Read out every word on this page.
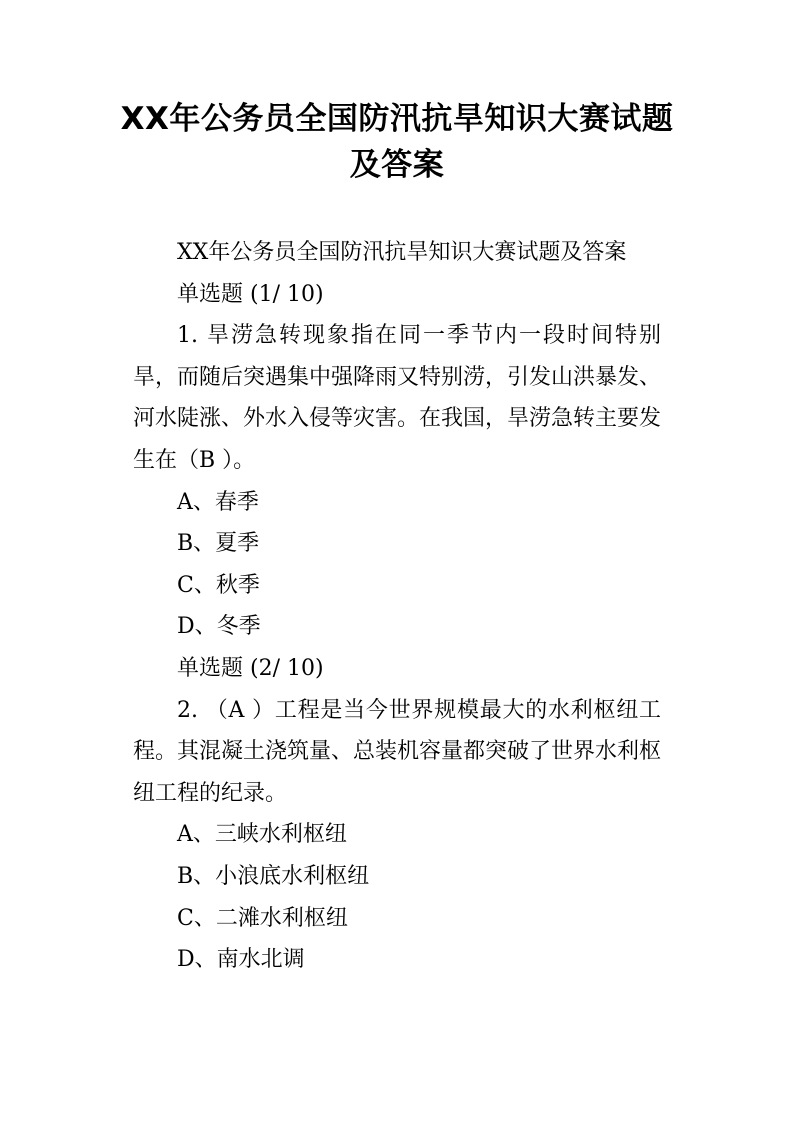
XX年公务员全国防汛抗旱知识大赛试题及答案

XX年公务员全国防汛抗旱知识大赛试题及答案

单选题 (1/ 10)

1. 旱涝急转现象指在同一季节内一段时间特别旱，而随后突遇集中强降雨又特别涝，引发山洪暴发、河水陡涨、外水入侵等灾害。在我国，旱涝急转主要发生在（B ）。

A、春季

B、夏季

C、秋季

D、冬季

单选题 (2/ 10)

2. （A ）工程是当今世界规模最大的水利枢纽工程。其混凝土浇筑量、总装机容量都突破了世界水利枢纽工程的纪录。

A、三峡水利枢纽

B、小浪底水利枢纽

C、二滩水利枢纽

D、南水北调
